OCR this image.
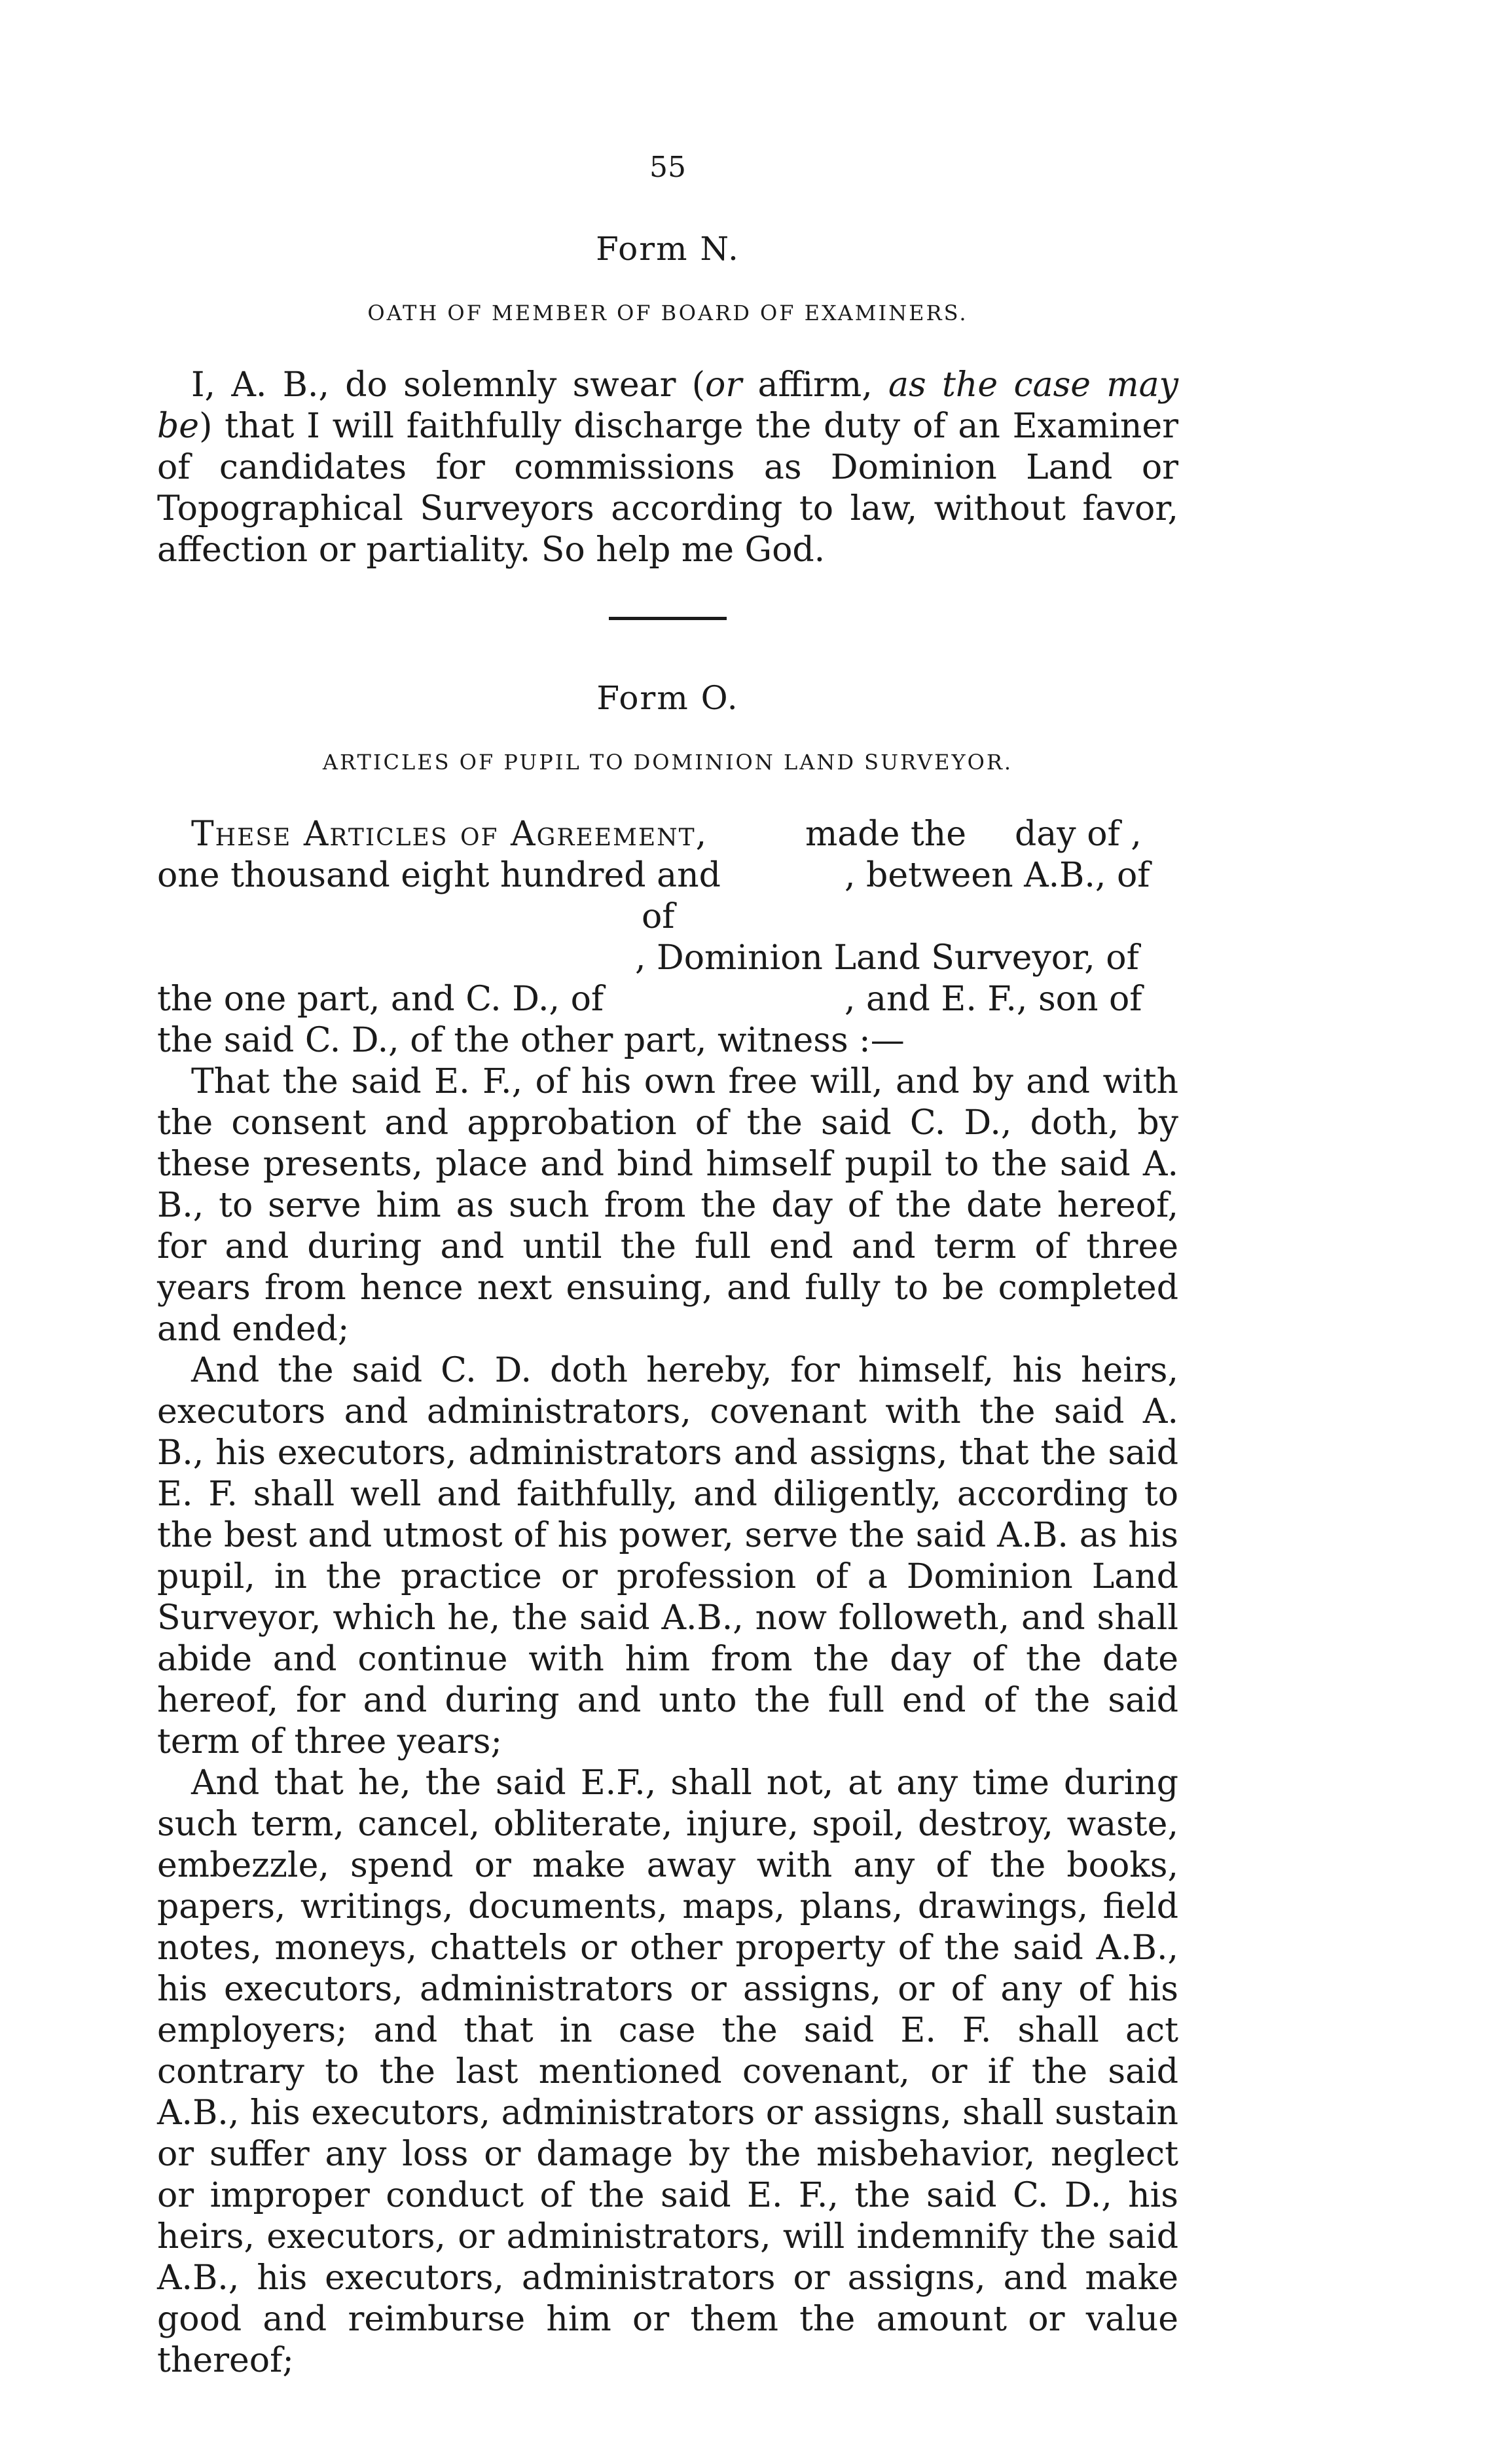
55
Form N.
OATH OF MEMBER OF BOARD OF EXAMINERS.

I, A. B., do solemnly swear (or affirm, as the case may be) that I will faithfully discharge the duty of an Examiner of candidates for commissions as Dominion Land or Topographical Surveyors according to law, without favor, affection or partiality. So help me God.

Form O.
ARTICLES OF PUPIL TO DOMINION LAND SURVEYOR.
These Articles of Agreement,	made the day of ,
one thousand eight hundred and	, between A.B., of
of
, Dominion Land Surveyor, of
the one part, and C. D., of	, and E. F., son of
the said C. D., of the other part, witness :—

That the said E. F., of his own free will, and by and with the consent and approbation of the said C. D., doth, by these presents, place and bind himself pupil to the said A. B., to serve him as such from the day of the date hereof, for and during and until the full end and term of three years from hence next ensuing, and fully to be completed and ended;

And the said C. D. doth hereby, for himself, his heirs, executors and administrators, covenant with the said A. B., his executors, administrators and assigns, that the said E. F. shall well and faithfully, and diligently, according to the best and utmost of his power, serve the said A.B. as his pupil, in the practice or profession of a Dominion Land Surveyor, which he, the said A.B., now followeth, and shall abide and continue with him from the day of the date hereof, for and during and unto the full end of the said term of three years;

And that he, the said E.F., shall not, at any time during such term, cancel, obliterate, injure, spoil, destroy, waste, embezzle, spend or make away with any of the books, papers, writings, documents, maps, plans, drawings, field notes, moneys, chattels or other property of the said A.B., his executors, administrators or assigns, or of any of his employers; and that in case the said E. F. shall act contrary to the last mentioned covenant, or if the said A.B., his executors, administrators or assigns, shall sustain or suffer any loss or damage by the misbehavior, neglect or improper conduct of the said E. F., the said C. D., his heirs, executors, or administrators, will indemnify the said A.B., his executors, administrators or assigns, and make good and reimburse him or them the amount or value thereof;
